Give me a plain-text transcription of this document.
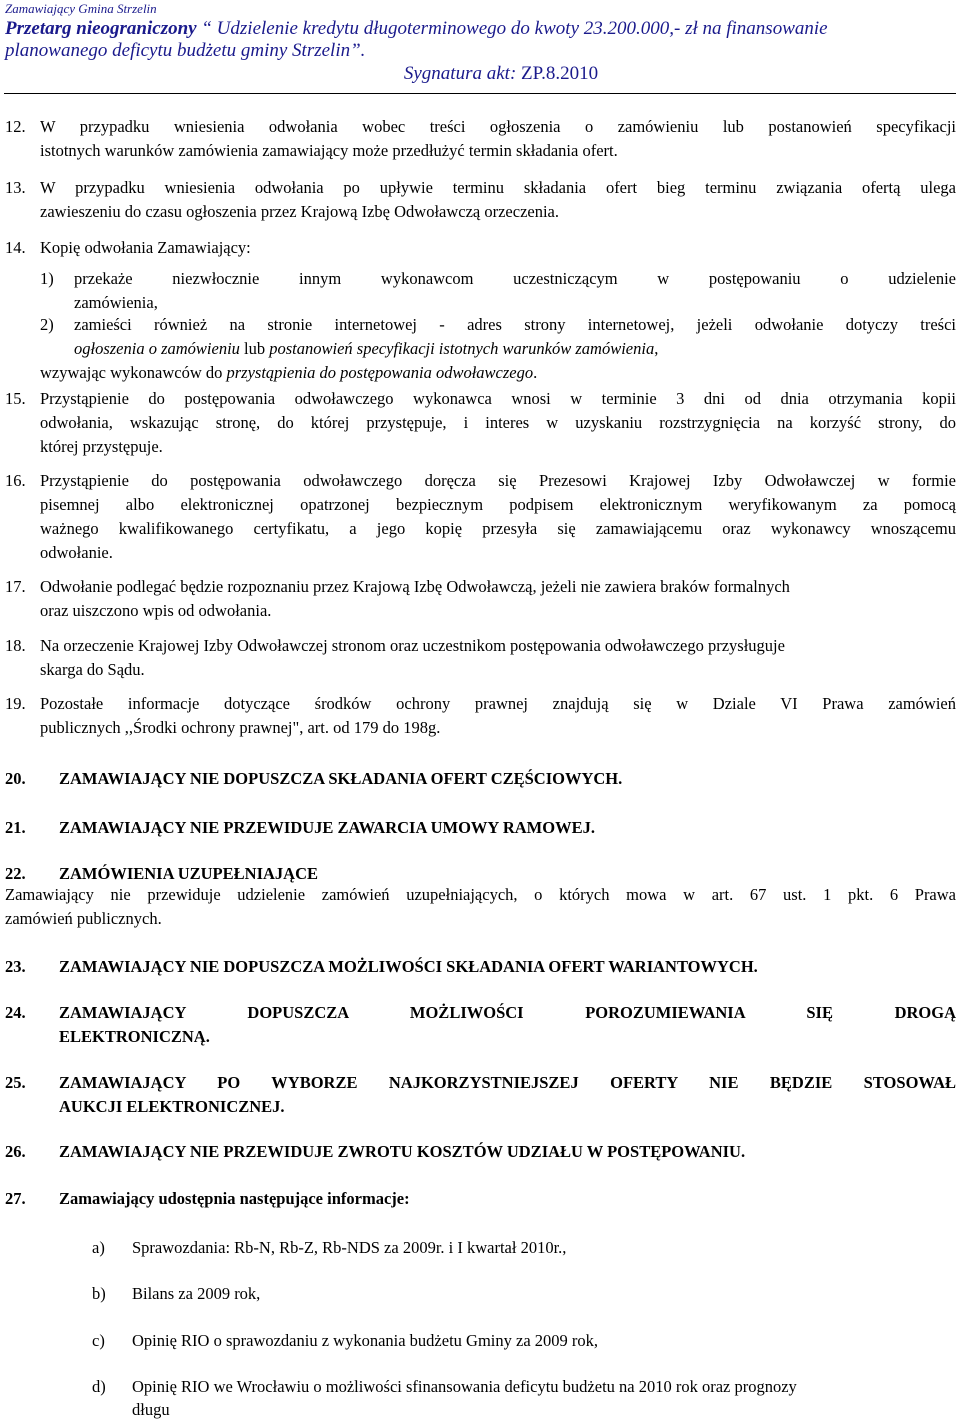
Zamawiający Gmina Strzelin
Przetarg nieograniczony “ Udzielenie kredytu długoterminowego do kwoty 23.200.000,- zł na finansowanie
planowanego deficytu budżetu gminy Strzelin”.
Sygnatura akt: ZP.8.2010
12. W przypadku wniesienia odwołania wobec treści ogłoszenia o zamówieniu lub postanowień specyfikacji
istotnych warunków zamówienia zamawiający może przedłużyć termin składania ofert.
13. W przypadku wniesienia odwołania po upływie terminu składania ofert bieg terminu związania ofertą ulega
zawieszeniu do czasu ogłoszenia przez Krajową Izbę Odwoławczą orzeczenia.
14. Kopię odwołania Zamawiający:
1) przekaże niezwłocznie innym wykonawcom uczestniczącym w postępowaniu o udzielenie
zamówienia,
2) zamieści również na stronie internetowej - adres strony internetowej, jeżeli odwołanie dotyczy treści
ogłoszenia o zamówieniu lub postanowień specyfikacji istotnych warunków zamówienia,
wzywając wykonawców do przystąpienia do postępowania odwoławczego.
15. Przystąpienie do postępowania odwoławczego wykonawca wnosi w terminie 3 dni od dnia otrzymania kopii
odwołania, wskazując stronę, do której przystępuje, i interes w uzyskaniu rozstrzygnięcia na korzyść strony, do
której przystępuje.
16. Przystąpienie do postępowania odwoławczego doręcza się Prezesowi Krajowej Izby Odwoławczej w formie
pisemnej albo elektronicznej opatrzonej bezpiecznym podpisem elektronicznym weryfikowanym za pomocą
ważnego kwalifikowanego certyfikatu, a jego kopię przesyła się zamawiającemu oraz wykonawcy wnoszącemu
odwołanie.
17. Odwołanie podlegać będzie rozpoznaniu przez Krajową Izbę Odwoławczą, jeżeli nie zawiera braków formalnych
oraz uiszczono wpis od odwołania.
18. Na orzeczenie Krajowej Izby Odwoławczej stronom oraz uczestnikom postępowania odwoławczego przysługuje
skarga do Sądu.
19. Pozostałe informacje dotyczące środków ochrony prawnej znajdują się w Dziale VI Prawa zamówień
publicznych ,,Środki ochrony prawnej", art. od 179 do 198g.
20. ZAMAWIAJĄCY NIE DOPUSZCZA SKŁADANIA OFERT CZĘŚCIOWYCH.
21. ZAMAWIAJĄCY NIE PRZEWIDUJE ZAWARCIA UMOWY RAMOWEJ.
22. ZAMÓWIENIA UZUPEŁNIAJĄCE
Zamawiający nie przewiduje udzielenie zamówień uzupełniających, o których mowa w art. 67 ust. 1 pkt. 6 Prawa
zamówień publicznych.
23. ZAMAWIAJĄCY NIE DOPUSZCZA MOŻLIWOŚCI SKŁADANIA OFERT WARIANTOWYCH.
24. ZAMAWIAJĄCY DOPUSZCZA MOŻLIWOŚCI POROZUMIEWANIA SIĘ DROGĄ
ELEKTRONICZNĄ.
25. ZAMAWIAJĄCY PO WYBORZE NAJKORZYSTNIEJSZEJ OFERTY NIE BĘDZIE STOSOWAŁ
AUKCJI ELEKTRONICZNEJ.
26. ZAMAWIAJĄCY NIE PRZEWIDUJE ZWROTU KOSZTÓW UDZIAŁU W POSTĘPOWANIU.
27. Zamawiający udostępnia następujące informacje:
a) Sprawozdania: Rb-N, Rb-Z, Rb-NDS za 2009r. i I kwartał 2010r.,
b) Bilans za 2009 rok,
c) Opinię RIO o sprawozdaniu z wykonania budżetu Gminy za 2009 rok,
d) Opinię RIO we Wrocławiu o możliwości sfinansowania deficytu budżetu na 2010 rok oraz prognozy
długu
